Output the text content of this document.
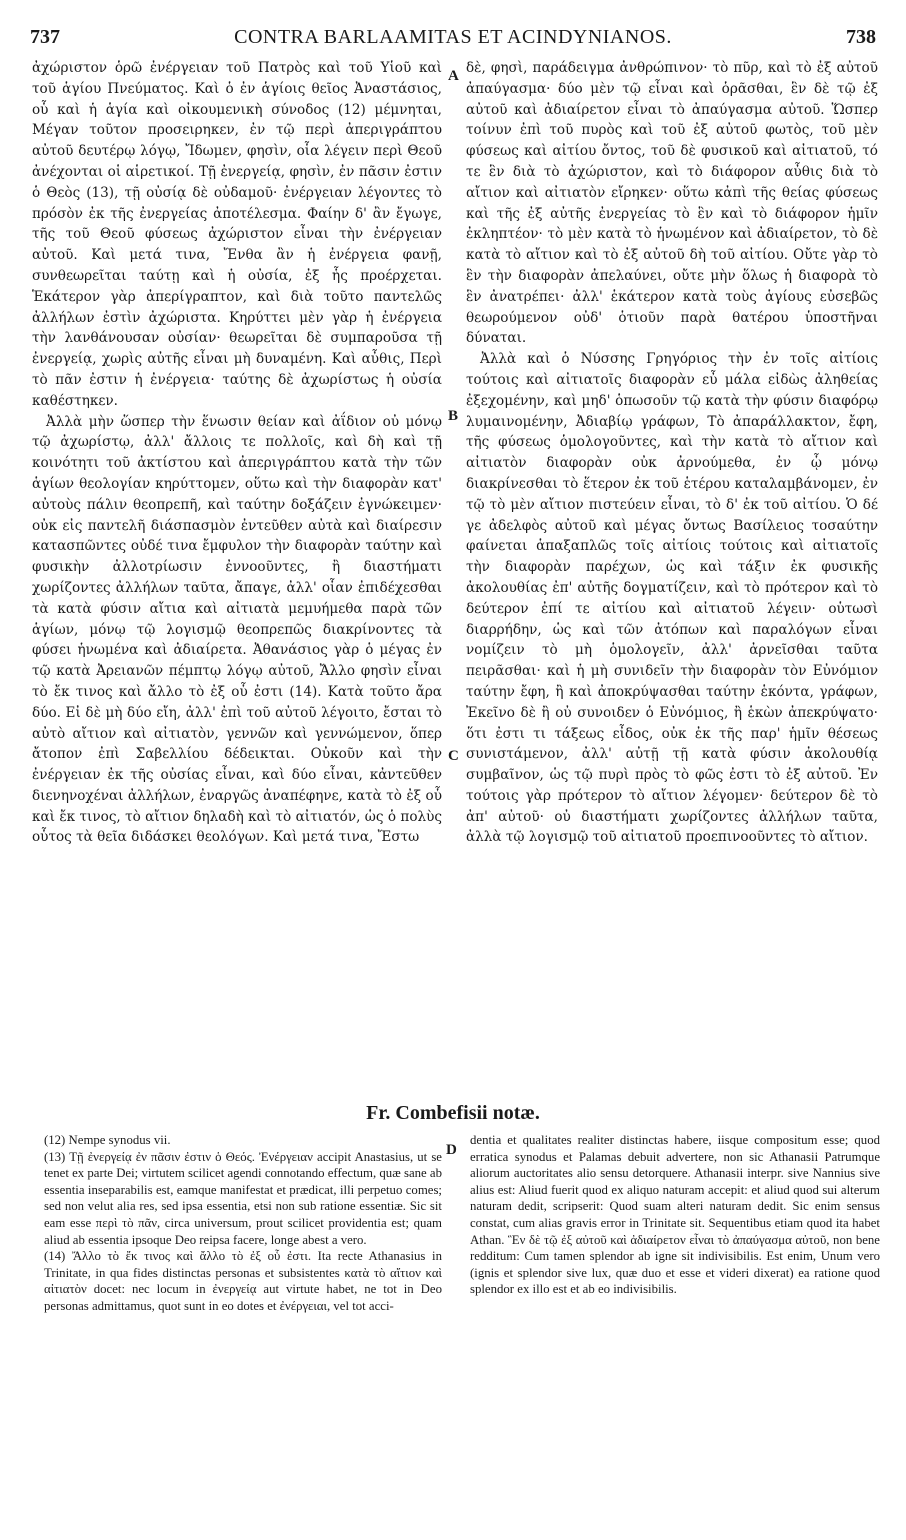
737	CONTRA BARLAAMITAS ET ACINDYNIANOS.	738

ἀχώριστον ὁρῶ ἐνέργειαν τοῦ Πατρὸς καὶ τοῦ Υἱοῦ καὶ τοῦ ἁγίου Πνεύματος. Καὶ ὁ ἐν ἁγίοις θεῖος Ἀναστάσιος, οὗ καὶ ἡ ἁγία καὶ οἰκουμενικὴ σύνοδος (12) μέμνηται, Μέγαν τοῦτον προσειρηκεν, ἐν τῷ περὶ ἀπεριγράπτου αὐτοῦ δευτέρῳ λόγῳ, Ἴδωμεν, φησὶν, οἷα λέγειν περὶ Θεοῦ ἀνέχονται οἱ αἱρετικοί. Τῇ ἐνεργείᾳ, φησὶν, ἐν πᾶσιν ἐστιν ὁ Θεὸς (13), τῇ οὐσίᾳ δὲ οὐδαμοῦ· ἐνέργειαν λέγοντες τὸ πρόσὸν ἐκ τῆς ἐνεργείας ἀποτέλεσμα. Φαίην δ' ἂν ἔγωγε, τῆς τοῦ Θεοῦ φύσεως ἀχώριστον εἶναι τὴν ἐνέργειαν αὐτοῦ. Καὶ μετά τινα, Ἔνθα ἂν ἡ ἐνέργεια φανῇ, συνθεωρεῖται ταύτῃ καὶ ἡ οὐσία, ἐξ ἧς προέρχεται. Ἑκάτερον γὰρ ἀπερίγραπτον, καὶ διὰ τοῦτο παντελῶς ἀλλήλων ἐστὶν ἀχώριστα. Κηρύττει μὲν γὰρ ἡ ἐνέργεια τὴν λανθάνουσαν οὐσίαν· θεωρεῖται δὲ συμπαροῦσα τῇ ἐνεργείᾳ, χωρὶς αὐτῆς εἶναι μὴ δυναμένη. Καὶ αὖθις, Περὶ τὸ πᾶν ἐστιν ἡ ἐνέργεια· ταύτης δὲ ἀχωρίστως ἡ οὐσία καθέστηκεν.

Ἀλλὰ μὴν ὥσπερ τὴν ἕνωσιν θείαν καὶ ἀΐδιον οὐ μόνῳ τῷ ἀχωρίστῳ, ἀλλ' ἄλλοις τε πολλοῖς, καὶ δὴ καὶ τῇ κοινότητι τοῦ ἀκτίστου καὶ ἀπεριγράπτου κατὰ τὴν τῶν ἁγίων θεολογίαν κηρύττομεν, οὕτω καὶ τὴν διαφορὰν κατ' αὐτοὺς πάλιν θεοπρεπῆ, καὶ ταύτην δοξάζειν ἐγνώκειμεν· οὐκ εἰς παντελῆ διάσπασμὸν ἐντεῦθεν αὐτὰ καὶ διαίρεσιν κατασπῶντες οὐδέ τινα ἔμφυλον τὴν διαφορὰν ταύτην καὶ φυσικὴν ἀλλοτρίωσιν ἐννοοῦντες, ἢ διαστήματι χωρίζοντες ἀλλήλων ταῦτα, ἄπαγε, ἀλλ' οἷαν ἐπιδέχεσθαι τὰ κατὰ φύσιν αἴτια καὶ αἰτιατὰ μεμυήμεθα παρὰ τῶν ἁγίων, μόνῳ τῷ λογισμῷ θεοπρεπῶς διακρίνοντες τὰ φύσει ἡνωμένα καὶ ἀδιαίρετα. Ἀθανάσιος γὰρ ὁ μέγας ἐν τῷ κατὰ Ἀρειανῶν πέμπτῳ λόγῳ αὐτοῦ, Ἄλλο φησὶν εἶναι τὸ ἔκ τινος καὶ ἄλλο τὸ ἐξ οὗ ἐστι (14). Κατὰ τοῦτο ἄρα δύο. Εἰ δὲ μὴ δύο εἴη, ἀλλ' ἐπὶ τοῦ αὐτοῦ λέγοιτο, ἔσται τὸ αὐτὸ αἴτιον καὶ αἰτιατὸν, γεννῶν καὶ γεννώμενον, ὅπερ ἄτοπον ἐπὶ Σαβελλίου δέδεικται. Οὐκοῦν καὶ τὴν ἐνέργειαν ἐκ τῆς οὐσίας εἶναι, καὶ δύο εἶναι, κἀντεῦθεν διενηνοχέναι ἀλλήλων, ἐναργῶς ἀναπέφηνε, κατὰ τὸ ἐξ οὗ καὶ ἔκ τινος, τὸ αἴτιον δηλαδὴ καὶ τὸ αἰτιατόν, ὡς ὁ πολὺς οὗτος τὰ θεῖα διδάσκει θεολόγων. Καὶ μετά τινα, Ἔστω

A
B
C
D

δὲ, φησὶ, παράδειγμα ἀνθρώπινον· τὸ πῦρ, καὶ τὸ ἐξ αὐτοῦ ἀπαύγασμα· δύο μὲν τῷ εἶναι καὶ ὁρᾶσθαι, ἓν δὲ τῷ ἐξ αὐτοῦ καὶ ἀδιαίρετον εἶναι τὸ ἀπαύγασμα αὐτοῦ. Ὥσπερ τοίνυν ἐπὶ τοῦ πυρὸς καὶ τοῦ ἐξ αὐτοῦ φωτὸς, τοῦ μὲν φύσεως καὶ αἰτίου ὄντος, τοῦ δὲ φυσικοῦ καὶ αἰτιατοῦ, τό τε ἓν διὰ τὸ ἀχώριστον, καὶ τὸ διάφορον αὖθις διὰ τὸ αἴτιον καὶ αἰτιατὸν εἴρηκεν· οὕτω κἀπὶ τῆς θείας φύσεως καὶ τῆς ἐξ αὐτῆς ἐνεργείας τὸ ἓν καὶ τὸ διάφορον ἡμῖν ἐκληπτέον· τὸ μὲν κατὰ τὸ ἡνωμένον καὶ ἀδιαίρετον, τὸ δὲ κατὰ τὸ αἴτιον καὶ τὸ ἐξ αὐτοῦ δὴ τοῦ αἰτίου. Οὔτε γὰρ τὸ ἓν τὴν διαφορὰν ἀπελαύνει, οὔτε μὴν ὅλως ἡ διαφορὰ τὸ ἓν ἀνατρέπει· ἀλλ' ἑκάτερον κατὰ τοὺς ἁγίους εὐσεβῶς θεωρούμενον οὐδ' ὁτιοῦν παρὰ θατέρου ὑποστῆναι δύναται.

Ἀλλὰ καὶ ὁ Νύσσης Γρηγόριος τὴν ἐν τοῖς αἰτίοις τούτοις καὶ αἰτιατοῖς διαφορὰν εὖ μάλα εἰδὼς ἀληθείας ἐξεχομένην, καὶ μηδ' ὁπωσοῦν τῷ κατὰ τὴν φύσιν διαφόρῳ λυμαινομένην, Ἀδιαβίῳ γράφων, Τὸ ἀπαράλλακτον, ἔφη, τῆς φύσεως ὁμολογοῦντες, καὶ τὴν κατὰ τὸ αἴτιον καὶ αἰτιατὸν διαφορὰν οὐκ ἀρνούμεθα, ἐν ᾧ μόνῳ διακρίνεσθαι τὸ ἕτερον ἐκ τοῦ ἑτέρου καταλαμβάνομεν, ἐν τῷ τὸ μὲν αἴτιον πιστεύειν εἶναι, τὸ δ' ἐκ τοῦ αἰτίου. Ὁ δέ γε ἀδελφὸς αὐτοῦ καὶ μέγας ὄντως Βασίλειος τοσαύτην φαίνεται ἁπαξαπλῶς τοῖς αἰτίοις τούτοις καὶ αἰτιατοῖς τὴν διαφορὰν παρέχων, ὡς καὶ τάξιν ἐκ φυσικῆς ἀκολουθίας ἐπ' αὐτῆς δογματίζειν, καὶ τὸ πρότερον καὶ τὸ δεύτερον ἐπί τε αἰτίου καὶ αἰτιατοῦ λέγειν· οὑτωσὶ διαρρήδην, ὡς καὶ τῶν ἀτόπων καὶ παραλόγων εἶναι νομίζειν τὸ μὴ ὁμολογεῖν, ἀλλ' ἀρνεῖσθαι ταῦτα πειρᾶσθαι· καὶ ἡ μὴ συνιδεῖν τὴν διαφορὰν τὸν Εὐνόμιον ταύτην ἔφη, ἢ καὶ ἀποκρύψασθαι ταύτην ἑκόντα, γράφων, Ἐκεῖνο δὲ ἢ οὐ συνοιδεν ὁ Εὐνόμιος, ἢ ἑκὼν ἀπεκρύψατο· ὅτι ἐστι τι τάξεως εἶδος, οὐκ ἐκ τῆς παρ' ἡμῖν θέσεως συνιστάμενον, ἀλλ' αὐτῇ τῇ κατὰ φύσιν ἀκολουθίᾳ συμβαῖνον, ὡς τῷ πυρὶ πρὸς τὸ φῶς ἐστι τὸ ἐξ αὐτοῦ. Ἐν τούτοις γὰρ πρότερον τὸ αἴτιον λέγομεν· δεύτερον δὲ τὸ ἀπ' αὐτοῦ· οὐ διαστήματι χωρίζοντες ἀλλήλων ταῦτα, ἀλλὰ τῷ λογισμῷ τοῦ αἰτιατοῦ προεπινοοῦντες τὸ αἴτιον.

Fr. Combefisii notæ.

(12) Nempe synodus vii.

(13) Τῇ ἐνεργείᾳ ἐν πᾶσιν ἐστιν ὁ Θεός. Ἐνέργειαν accipit Anastasius, ut se tenet ex parte Dei; virtutem scilicet agendi connotando effectum, quæ sane ab essentia inseparabilis est, eamque manifestat et prædicat, illi perpetuo comes; sed non velut alia res, sed ipsa essentia, etsi non sub ratione essentiæ. Sic sit eam esse περὶ τὸ πᾶν, circa universum, prout scilicet providentia est; quam aliud ab essentia ipsoque Deo reipsa facere, longe abest a vero.

(14) Ἄλλο τὸ ἔκ τινος καὶ ἄλλο τὸ ἐξ οὗ ἐστι. Ita recte Athanasius in Trinitate, in qua fides distinctas personas et subsistentes κατὰ τὸ αἴτιον καὶ αἰτιατὸν docet: nec locum in ἐνεργείᾳ aut virtute habet, ne tot in Deo personas admittamus, quot sunt in eo dotes et ἐνέργειαι, vel tot acci-

dentia et qualitates realiter distinctas habere, iisque compositum esse; quod erratica synodus et Palamas debuit advertere, non sic Athanasii Patrumque aliorum auctoritates alio sensu detorquere. Athanasii interpr. sive Nannius sive alius est: Aliud fuerit quod ex aliquo naturam accepit: et aliud quod sui alterum naturam dedit, scripserit: Quod suam alteri naturam dedit. Sic enim sensus constat, cum alias gravis error in Trinitate sit. Sequentibus etiam quod ita habet Athan. Ἓν δὲ τῷ ἐξ αὐτοῦ καὶ ἀδιαίρετον εἶναι τὸ ἀπαύγασμα αὐτοῦ, non bene redditum: Cum tamen splendor ab igne sit indivisibilis. Est enim, Unum vero (ignis et splendor sive lux, quæ duo et esse et videri dixerat) ea ratione quod splendor ex illo est et ab eo indivisibilis.
